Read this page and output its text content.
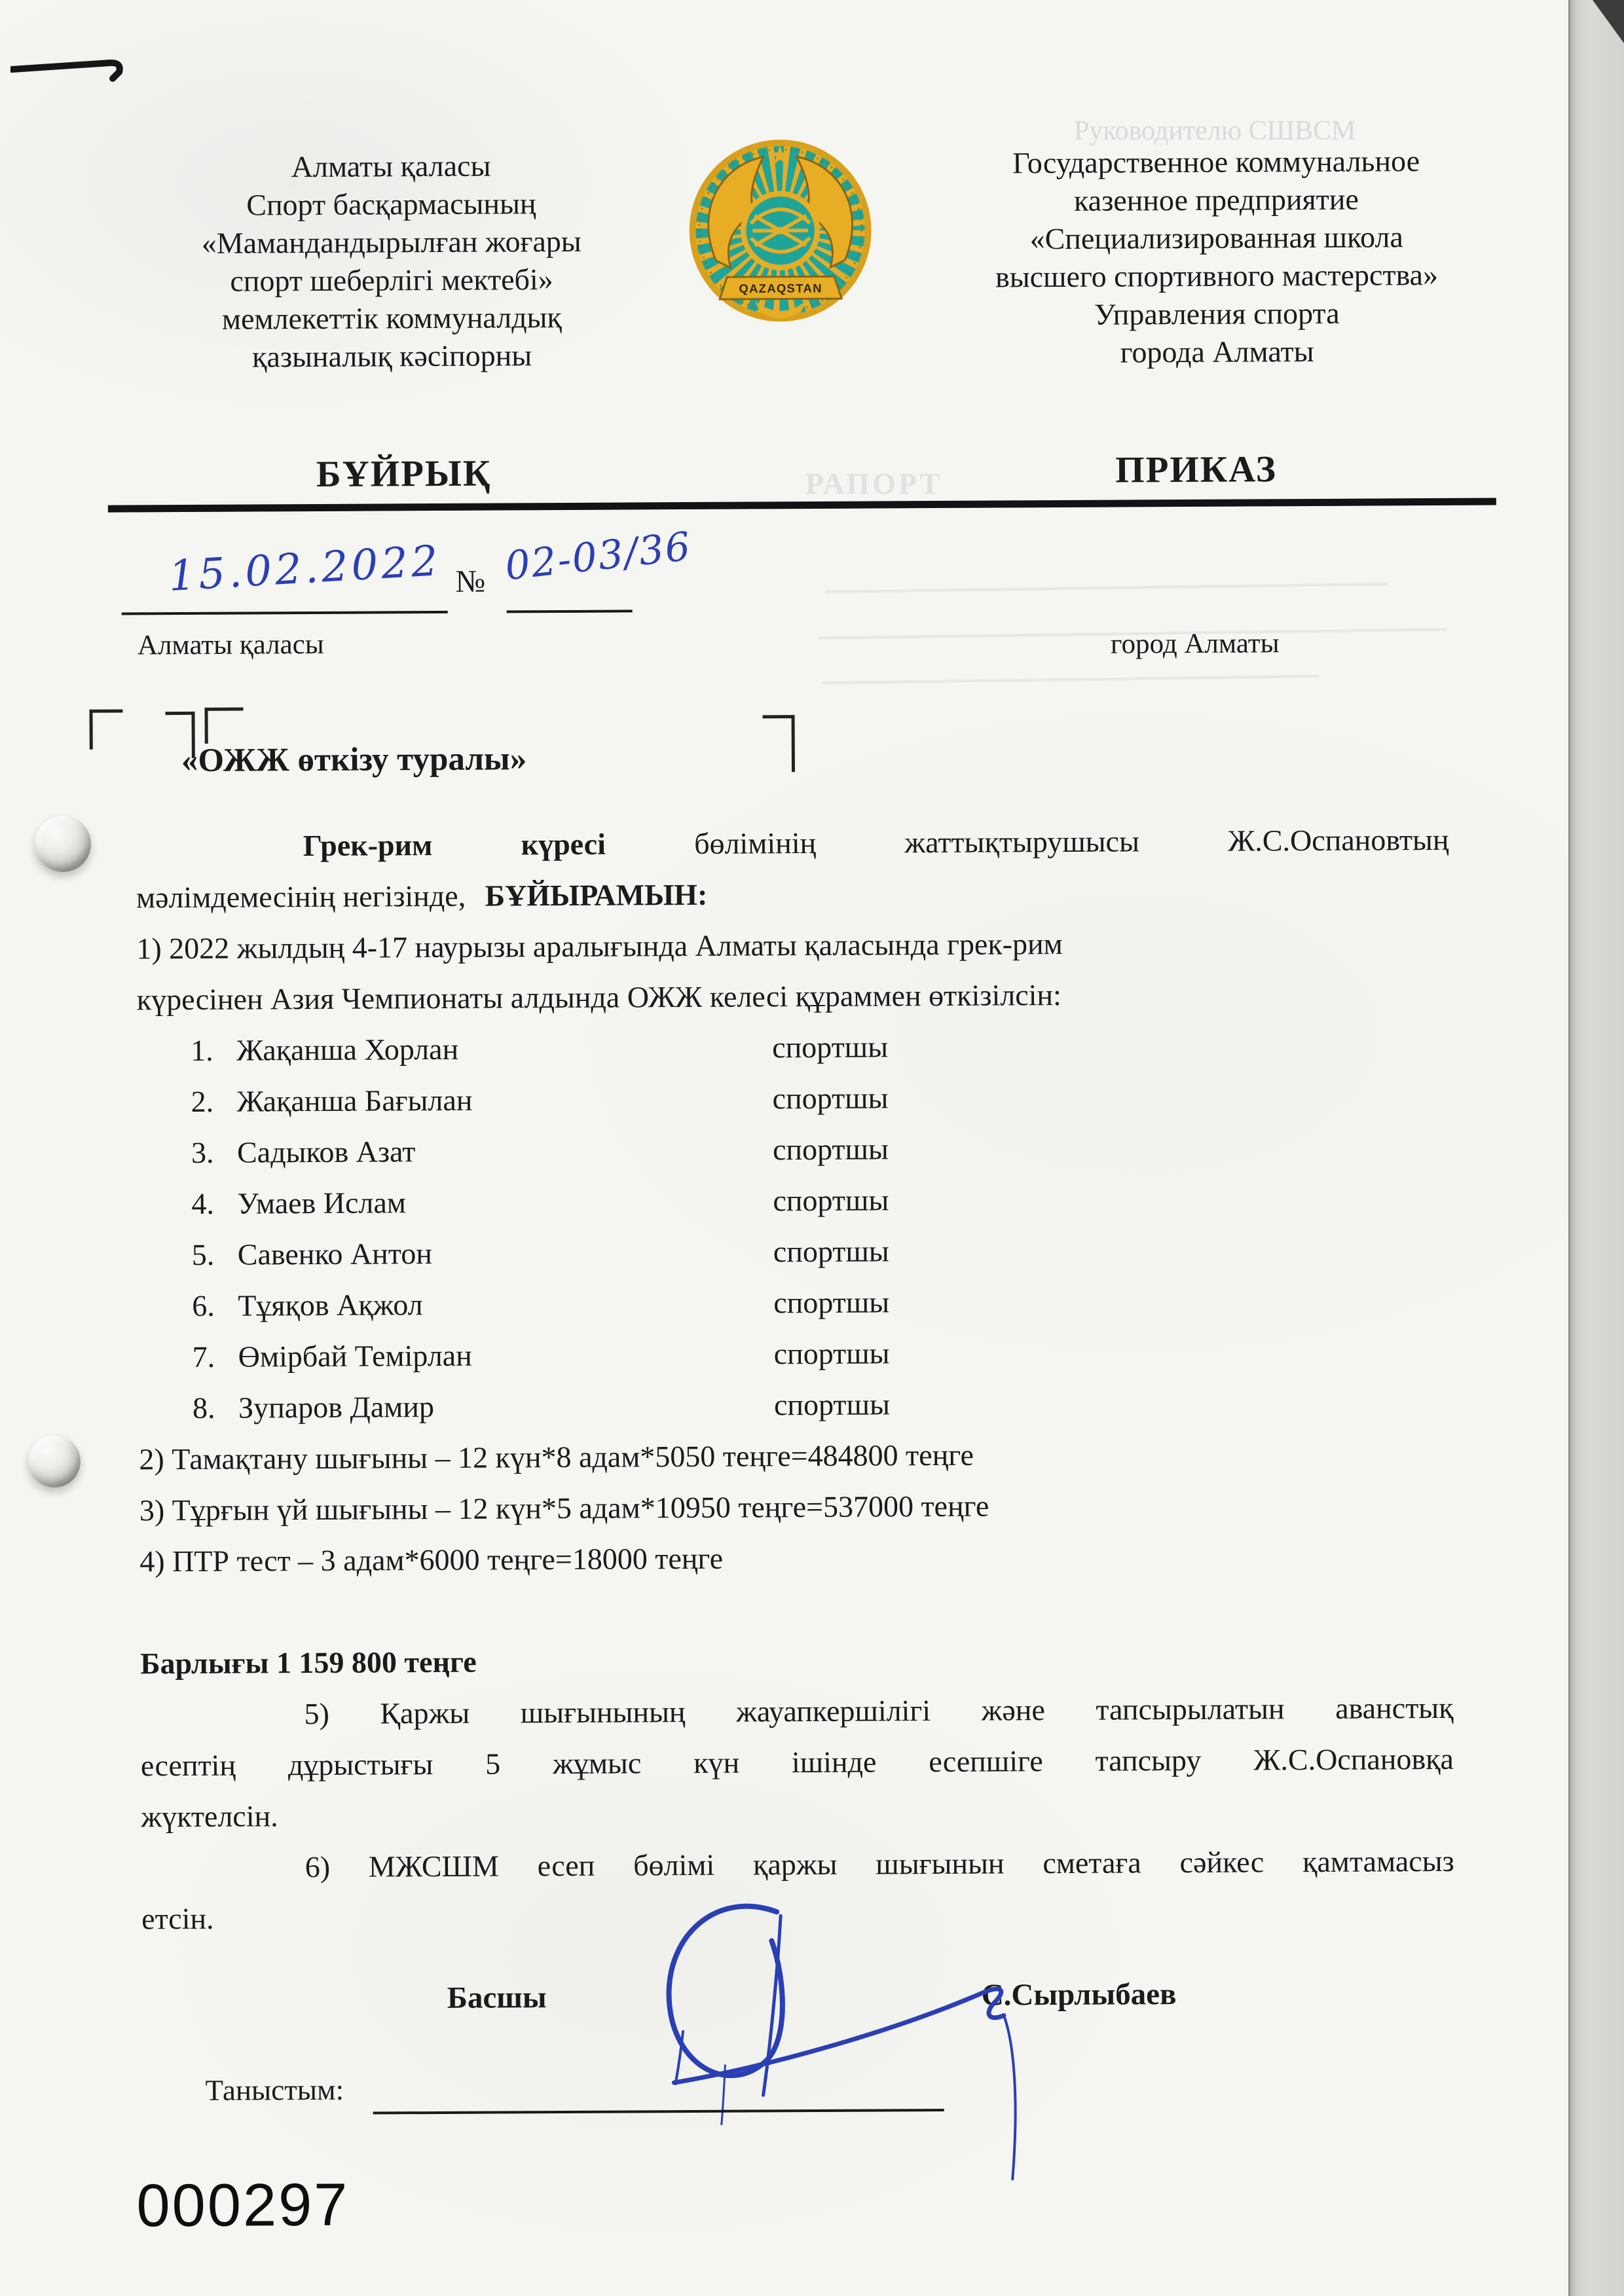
Руководителю СШВСМ
РАПОРТ
Алматы қаласы
Спорт басқармасының
«Мамандандырылған жоғары
спорт шеберлігі мектебі»
мемлекеттік коммуналдық
қазыналық кәсіпорны
QAZAQSTAN
Государственное коммунальное
казенное предприятие
«Специализированная школа
высшего спортивного мастерства»
Управления спорта
города Алматы
БҰЙРЫҚ	ПРИКАЗ
15.02.2022 № 02-03/36
Алматы қаласы	город Алматы
«ОЖЖ өткізу туралы»
Грек-рим	күресі	бөлімінің	жаттықтырушысы	Ж.С.Оспановтың
мәлімдемесінің негізінде, БҰЙЫРАМЫН:
1) 2022 жылдың 4-17 наурызы аралығында Алматы қаласында грек-рим
күресінен Азия Чемпионаты алдында ОЖЖ келесі құраммен өткізілсін:
1. Жақанша Хорлан	спортшы
2. Жақанша Бағылан	спортшы
3. Садыков Азат	спортшы
4. Умаев Ислам	спортшы
5. Савенко Антон	спортшы
6. Тұяқов Ақжол	спортшы
7. Өмірбай Темірлан	спортшы
8. Зупаров Дамир	спортшы
2) Тамақтану шығыны – 12 күн*8 адам*5050 теңге=484800 теңге
3) Тұрғын үй шығыны – 12 күн*5 адам*10950 теңге=537000 теңге
4) ПТР тест – 3 адам*6000 теңге=18000 теңге
Барлығы 1 159 800 теңге
5) Қаржы шығынының жауапкершілігі және тапсырылатын аванстық
есептің дұрыстығы 5 жұмыс күн ішінде есепшіге тапсыру Ж.С.Оспановқа
жүктелсін.
6) МЖСШМ есеп бөлімі қаржы шығынын сметаға сәйкес қамтамасыз
етсін.
Басшы	С.Сырлыбаев
Таныстым:
000297
